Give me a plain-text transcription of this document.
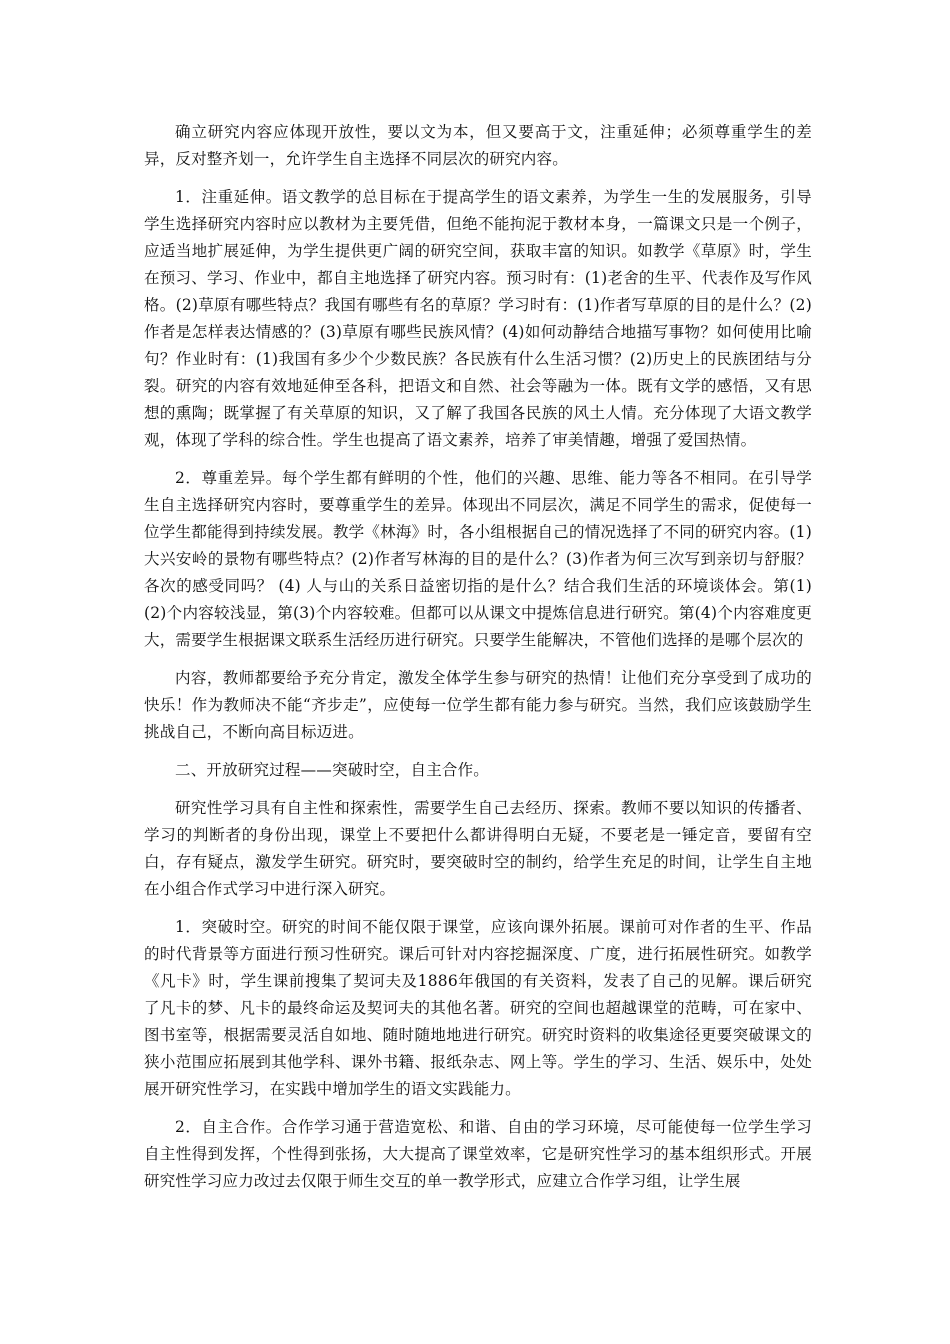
确立研究内容应体现开放性，要以文为本，但又要高于文，注重延伸；必须尊重学生的差异，反对整齐划一，允许学生自主选择不同层次的研究内容。

1．注重延伸。语文教学的总目标在于提高学生的语文素养，为学生一生的发展服务，引导学生选择研究内容时应以教材为主要凭借，但绝不能拘泥于教材本身，一篇课文只是一个例子，应适当地扩展延伸，为学生提供更广阔的研究空间，获取丰富的知识。如教学《草原》时，学生在预习、学习、作业中，都自主地选择了研究内容。预习时有：(1)老舍的生平、代表作及写作风格。(2)草原有哪些特点？我国有哪些有名的草原？学习时有：(1)作者写草原的目的是什么？(2)作者是怎样表达情感的？(3)草原有哪些民族风情？(4)如何动静结合地描写事物？如何使用比喻句？作业时有：(1)我国有多少个少数民族？各民族有什么生活习惯？(2)历史上的民族团结与分裂。研究的内容有效地延伸至各科，把语文和自然、社会等融为一体。既有文学的感悟，又有思想的熏陶；既掌握了有关草原的知识，又了解了我国各民族的风土人情。充分体现了大语文教学观，体现了学科的综合性。学生也提高了语文素养，培养了审美情趣，增强了爱国热情。

2．尊重差异。每个学生都有鲜明的个性，他们的兴趣、思维、能力等各不相同。在引导学生自主选择研究内容时，要尊重学生的差异。体现出不同层次，满足不同学生的需求，促使每一位学生都能得到持续发展。教学《林海》时，各小组根据自己的情况选择了不同的研究内容。(1)大兴安岭的景物有哪些特点？(2)作者写林海的目的是什么？(3)作者为何三次写到亲切与舒服？各次的感受同吗？ (4) 人与山的关系日益密切指的是什么？结合我们生活的环境谈体会。第(1)(2)个内容较浅显，第(3)个内容较难。但都可以从课文中提炼信息进行研究。第(4)个内容难度更大，需要学生根据课文联系生活经历进行研究。只要学生能解决，不管他们选择的是哪个层次的

内容，教师都要给予充分肯定，激发全体学生参与研究的热情！让他们充分享受到了成功的快乐！作为教师决不能“齐步走”，应使每一位学生都有能力参与研究。当然，我们应该鼓励学生挑战自己，不断向高目标迈进。

二、开放研究过程——突破时空，自主合作。

研究性学习具有自主性和探索性，需要学生自己去经历、探索。教师不要以知识的传播者、学习的判断者的身份出现，课堂上不要把什么都讲得明白无疑，不要老是一锤定音，要留有空白，存有疑点，激发学生研究。研究时，要突破时空的制约，给学生充足的时间，让学生自主地在小组合作式学习中进行深入研究。

1．突破时空。研究的时间不能仅限于课堂，应该向课外拓展。课前可对作者的生平、作品的时代背景等方面进行预习性研究。课后可针对内容挖掘深度、广度，进行拓展性研究。如教学《凡卡》时，学生课前搜集了契诃夫及1886年俄国的有关资料，发表了自己的见解。课后研究了凡卡的梦、凡卡的最终命运及契诃夫的其他名著。研究的空间也超越课堂的范畴，可在家中、图书室等，根据需要灵活自如地、随时随地地进行研究。研究时资料的收集途径更要突破课文的狭小范围应拓展到其他学科、课外书籍、报纸杂志、网上等。学生的学习、生活、娱乐中，处处展开研究性学习，在实践中增加学生的语文实践能力。

2．自主合作。合作学习通于营造宽松、和谐、自由的学习环境，尽可能使每一位学生学习自主性得到发挥，个性得到张扬，大大提高了课堂效率，它是研究性学习的基本组织形式。开展研究性学习应力改过去仅限于师生交互的单一教学形式，应建立合作学习组，让学生展
